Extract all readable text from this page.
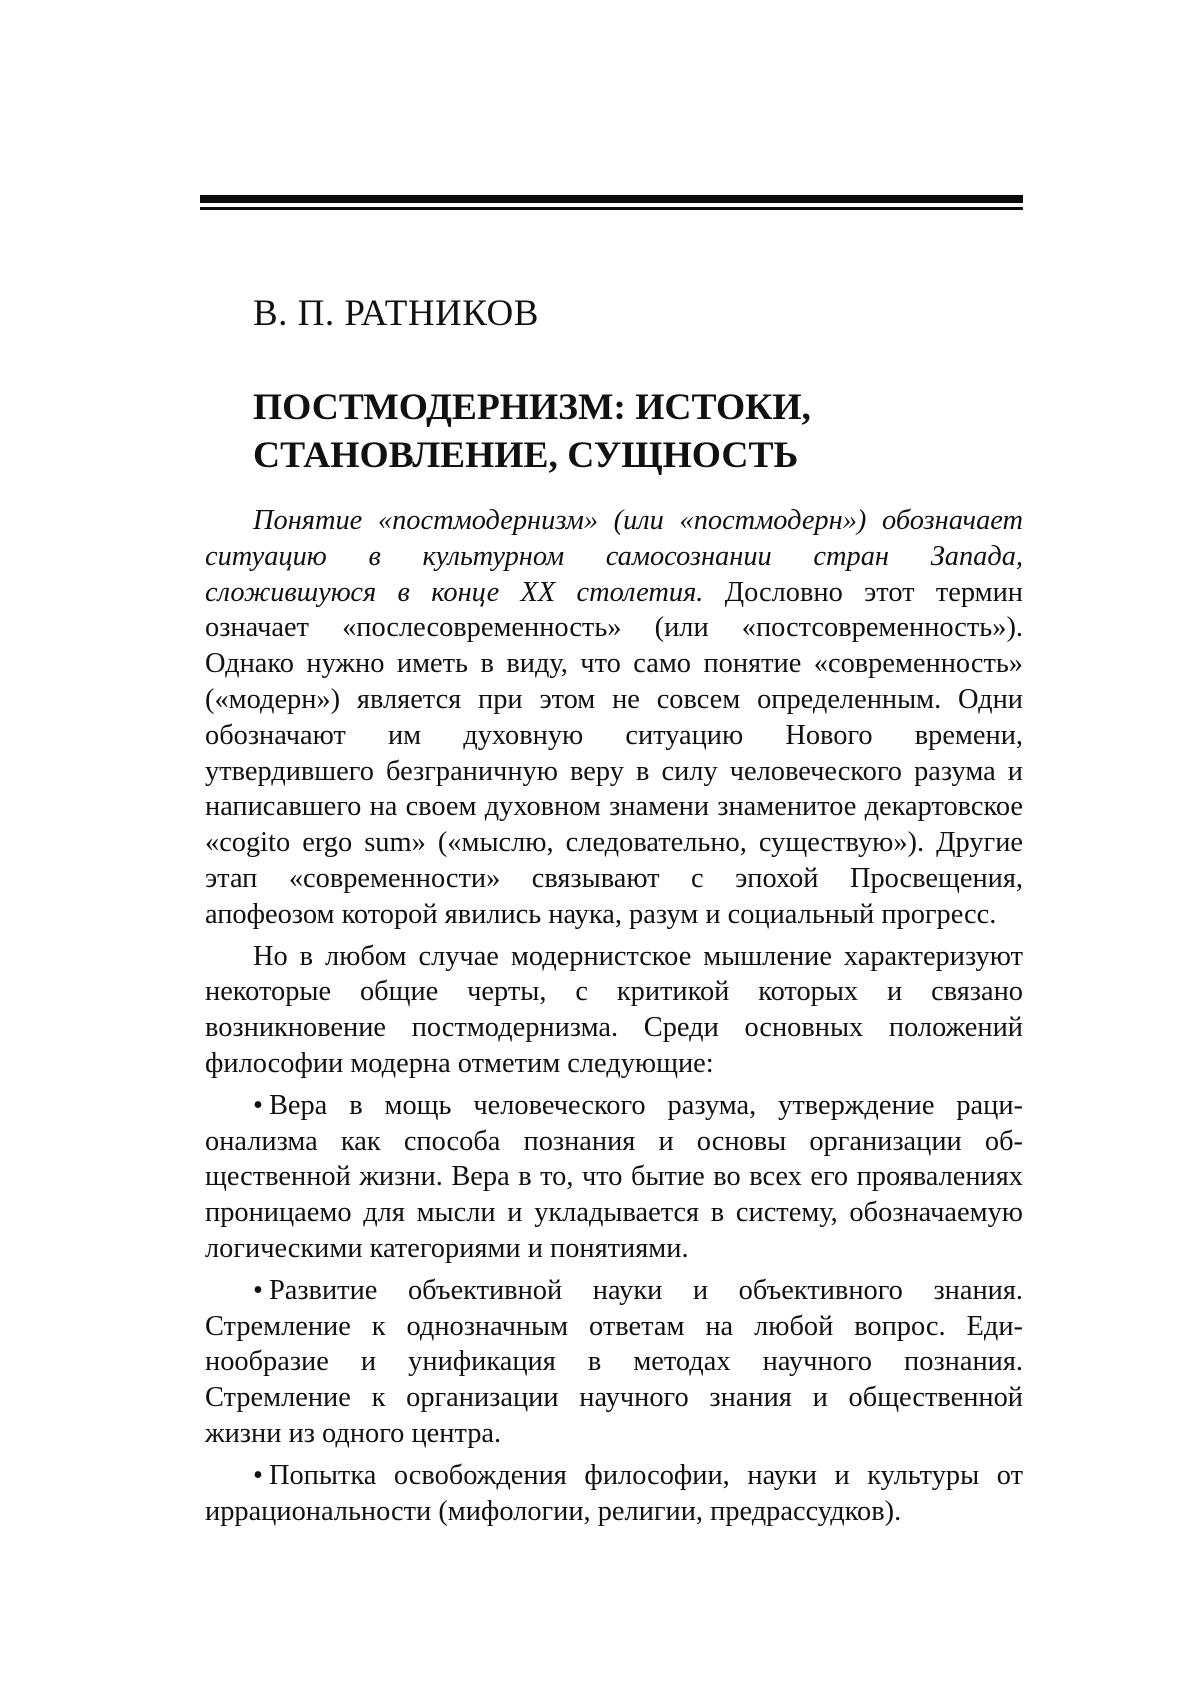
В. П. РАТНИКОВ
ПОСТМОДЕРНИЗМ: ИСТОКИ,
СТАНОВЛЕНИЕ, СУЩНОСТЬ

Понятие «постмодернизм» (или «постмодерн») обозначает ситуацию в культурном самосознании стран Запада, сложившуюся в конце XX столетия. Дословно этот термин означает «послесовременность» (или «постсовременность»). Однако нужно иметь в виду, что само понятие «современность» («модерн») является при этом не совсем определенным. Одни обозначают им духовную ситуацию Нового времени, утвердившего безграничную веру в силу человеческого разума и написавшего на своем духовном знамени знаменитое декартовское «cogito ergo sum» («мыслю, следовательно, существую»). Другие этап «современности» связывают с эпохой Просвещения, апофеозом которой явились наука, разум и социальный прогресс.

Но в любом случае модернистское мышление характеризуют некоторые общие черты, с критикой которых и связано возникновение постмодернизма. Среди основных положений философии модерна отметим следующие:

• Вера в мощь человеческого разума, утверждение рационализма как способа познания и основы организации общественной жизни. Вера в то, что бытие во всех его проявалениях проницаемо для мысли и укладывается в систему, обозначаемую логическими категориями и понятиями.

• Развитие объективной науки и объективного знания. Стремление к однозначным ответам на любой вопрос. Единообразие и унификация в методах научного познания. Стремление к организации научного знания и общественной жизни из одного центра.

• Попытка освобождения философии, науки и культуры от иррациональности (мифологии, религии, предрассудков).
